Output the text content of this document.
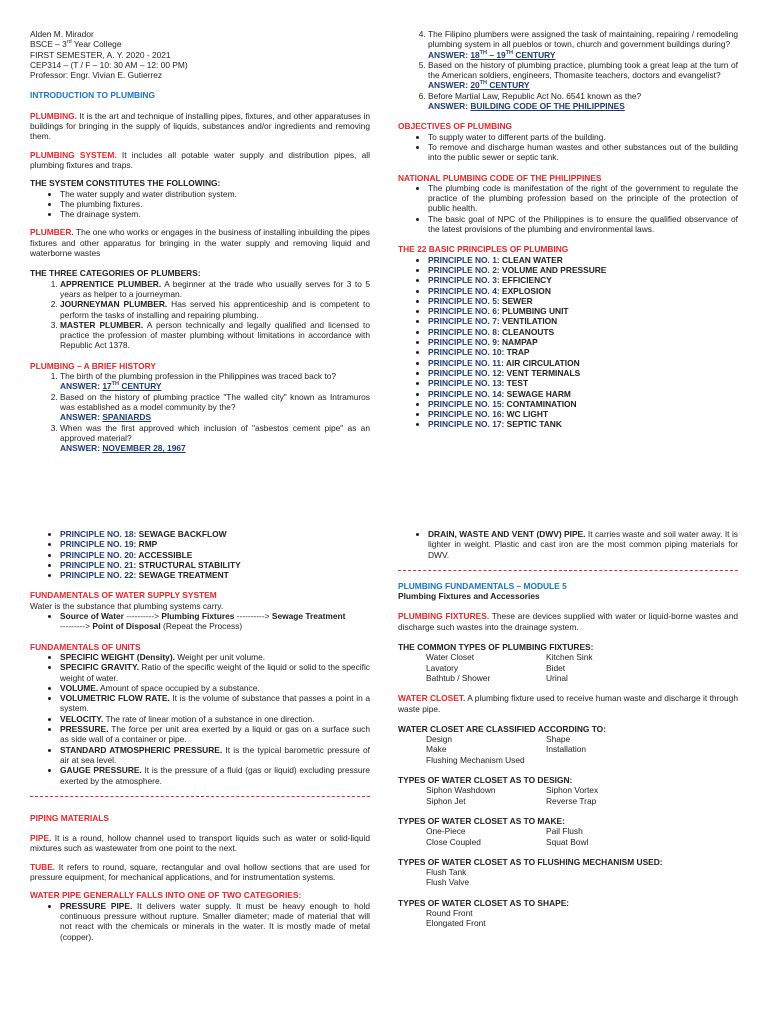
Alden M. Mirador

BSCE – 3rd Year College

FIRST SEMESTER, A. Y. 2020 - 2021

CEP314 – (T / F – 10: 30 AM – 12: 00 PM)

Professor: Engr. Vivian E. Gutierrez

INTRODUCTION TO PLUMBING

PLUMBING. It is the art and technique of installing pipes, fixtures, and other apparatuses in buildings for bringing in the supply of liquids, substances and/or ingredients and removing them.

PLUMBING SYSTEM. It includes all potable water supply and distribution pipes, all plumbing fixtures and traps.

THE SYSTEM CONSTITUTES THE FOLLOWING:

• The water supply and water distribution system.
• The plumbing fixtures.
• The drainage system.

PLUMBER. The one who works or engages in the business of installing inbuilding the pipes fixtures and other apparatus for bringing in the water supply and removing liquid and waterborne wastes

THE THREE CATEGORIES OF PLUMBERS:

1. APPRENTICE PLUMBER. A beginner at the trade who usually serves for 3 to 5 years as helper to a journeyman.
2. JOURNEYMAN PLUMBER. Has served his apprenticeship and is competent to perform the tasks of installing and repairing plumbing.
3. MASTER PLUMBER. A person technically and legally qualified and licensed to practice the profession of master plumbing without limitations in accordance with Republic Act 1378.

PLUMBING – A BRIEF HISTORY

1. The birth of the plumbing profession in the Philippines was traced back to?
ANSWER: 17TH CENTURY
2. Based on the history of plumbing practice "The walled city" known as Intramuros was established as a model community by the?
ANSWER: SPANIARDS
3. When was the first approved which inclusion of "asbestos cement pipe" as an approved material?
ANSWER: NOVEMBER 28, 1967
4. The Filipino plumbers were assigned the task of maintaining, repairing / remodeling plumbing system in all pueblos or town, church and government buildings during?
ANSWER: 18TH – 19TH CENTURY
5. Based on the history of plumbing practice, plumbing took a great leap at the turn of the American soldiers, engineers, Thomasite teachers, doctors and evangelist?
ANSWER: 20TH CENTURY
6. Before Martial Law, Republic Act No. 6541 known as the?
ANSWER: BUILDING CODE OF THE PHILIPPINES

OBJECTIVES OF PLUMBING

• To supply water to different parts of the building.
• To remove and discharge human wastes and other substances out of the building into the public sewer or septic tank.

NATIONAL PLUMBING CODE OF THE PHILIPPINES

• The plumbing code is manifestation of the right of the government to regulate the practice of the plumbing profession based on the principle of the protection of public health.
• The basic goal of NPC of the Philippines is to ensure the qualified observance of the latest provisions of the plumbing and environmental laws.

THE 22 BASIC PRINCIPLES OF PLUMBING

• PRINCIPLE NO. 1: CLEAN WATER
• PRINCIPLE NO. 2: VOLUME AND PRESSURE
• PRINCIPLE NO. 3: EFFICIENCY
• PRINCIPLE NO. 4: EXPLOSION
• PRINCIPLE NO. 5: SEWER
• PRINCIPLE NO. 6: PLUMBING UNIT
• PRINCIPLE NO. 7: VENTILATION
• PRINCIPLE NO. 8: CLEANOUTS
• PRINCIPLE NO. 9: NAMPAP
• PRINCIPLE NO. 10: TRAP
• PRINCIPLE NO. 11: AIR CIRCULATION
• PRINCIPLE NO. 12: VENT TERMINALS
• PRINCIPLE NO. 13: TEST
• PRINCIPLE NO. 14: SEWAGE HARM
• PRINCIPLE NO. 15: CONTAMINATION
• PRINCIPLE NO. 16: WC LIGHT
• PRINCIPLE NO. 17: SEPTIC TANK
• PRINCIPLE NO. 18: SEWAGE BACKFLOW
• PRINCIPLE NO. 19: RMP
• PRINCIPLE NO. 20: ACCESSIBLE
• PRINCIPLE NO. 21: STRUCTURAL STABILITY
• PRINCIPLE NO. 22: SEWAGE TREATMENT

FUNDAMENTALS OF WATER SUPPLY SYSTEM

Water is the substance that plumbing systems carry.

• Source of Water ----------> Plumbing Fixtures ----------> Sewage Treatment
---------> Point of Disposal (Repeat the Process)

FUNDAMENTALS OF UNITS

• SPECIFIC WEIGHT (Density). Weight per unit volume.
• SPECIFIC GRAVITY. Ratio of the specific weight of the liquid or solid to the specific weight of water.
• VOLUME. Amount of space occupied by a substance.
• VOLUMETRIC FLOW RATE. It is the volume of substance that passes a point in a system.
• VELOCITY. The rate of linear motion of a substance in one direction.
• PRESSURE. The force per unit area exerted by a liquid or gas on a surface such as side wall of a container or pipe.
• STANDARD ATMOSPHERIC PRESSURE. It is the typical barometric pressure of air at sea level.
• GAUGE PRESSURE. It is the pressure of a fluid (gas or liquid) excluding pressure exerted by the atmosphere.

PIPING MATERIALS

PIPE. It is a round, hollow channel used to transport liquids such as water or solid-liquid mixtures such as wastewater from one point to the next.

TUBE. It refers to round, square, rectangular and oval hollow sections that are used for pressure equipment, for mechanical applications, and for instrumentation systems.

WATER PIPE GENERALLY FALLS INTO ONE OF TWO CATEGORIES:

• PRESSURE PIPE. It delivers water supply. It must be heavy enough to hold continuous pressure without rupture. Smaller diameter; made of material that will not react with the chemicals or minerals in the water. It is mostly made of metal (copper).
• DRAIN, WASTE AND VENT (DWV) PIPE. It carries waste and soil water away. It is lighter in weight. Plastic and cast iron are the most common piping materials for DWV.

PLUMBING FUNDAMENTALS – MODULE 5

Plumbing Fixtures and Accessories

PLUMBING FIXTURES. These are devices supplied with water or liquid-borne wastes and discharge such wastes into the drainage system.

THE COMMON TYPES OF PLUMBING FIXTURES:

Water Closet	Kitchen Sink
Lavatory	Bidet
Bathtub / Shower	Urinal

WATER CLOSET. A plumbing fixture used to receive human waste and discharge it through waste pipe.

WATER CLOSET ARE CLASSIFIED ACCORDING TO:

Design	Shape
Make	Installation

Flushing Mechanism Used

TYPES OF WATER CLOSET AS TO DESIGN:

Siphon Washdown	Siphon Vortex
Siphon Jet	Reverse Trap

TYPES OF WATER CLOSET AS TO MAKE:

One-Piece	Pail Flush
Close Coupled	Squat Bowl

TYPES OF WATER CLOSET AS TO FLUSHING MECHANISM USED:

Flush Tank

Flush Valve

TYPES OF WATER CLOSET AS TO SHAPE:

Round Front

Elongated Front
